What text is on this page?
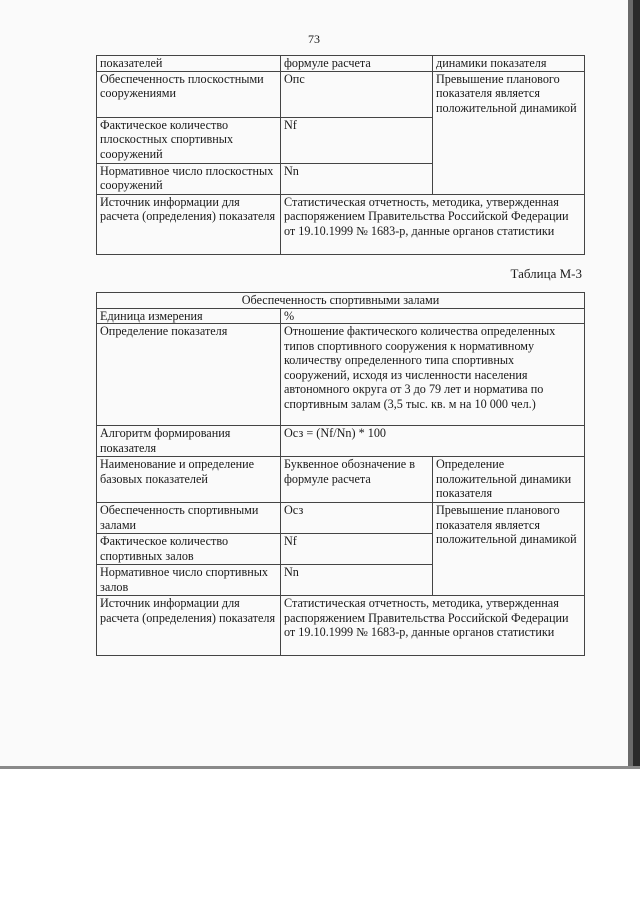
73
показателей	формуле расчета	динамики показателя
Обеспеченность плоскостными сооружениями	Опс	Превышение планового показателя является положительной динамикой
Фактическое количество плоскостных спортивных сооружений	Nf	
Нормативное число плоскостных сооружений	Nn	
Источник информации для расчета (определения) показателя	Статистическая отчетность, методика, утвержденная распоряжением Правительства Российской Федерации от 19.10.1999 № 1683-р, данные органов статистики	
Таблица М-3
Обеспеченность спортивными залами		
Единица измерения	%	
Определение показателя	Отношение фактического количества определенных типов спортивного сооружения к нормативному количеству определенного типа спортивных сооружений, исходя из численности населения автономного округа от 3 до 79 лет и норматива по спортивным залам (3,5 тыс. кв. м на 10 000 чел.)	
Алгоритм формирования показателя	Осз = (Nf/Nn) * 100	
Наименование и определение базовых показателей	Буквенное обозначение в формуле расчета	Определение положительной динамики показателя
Обеспеченность спортивными залами	Осз	Превышение планового показателя является положительной динамикой
Фактическое количество спортивных залов	Nf	
Нормативное число спортивных залов	Nn	
Источник информации для расчета (определения) показателя	Статистическая отчетность, методика, утвержденная распоряжением Правительства Российской Федерации от 19.10.1999 № 1683-р, данные органов статистики	
